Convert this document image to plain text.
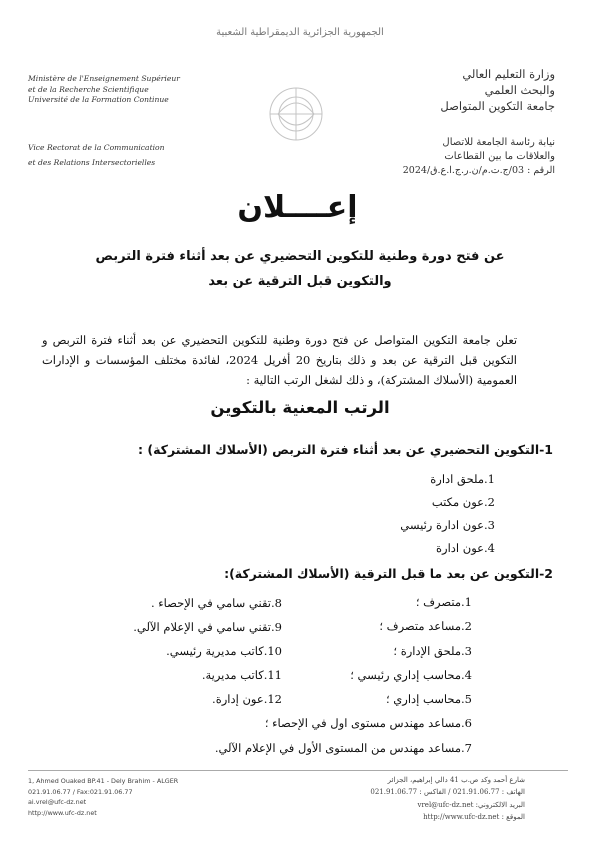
الجمهورية الجزائرية الديمقراطية الشعبية
Ministère de l'Enseignement Supérieur
et de la Recherche Scientifique
Université de la Formation Continue
Vice Rectorat de la Communication
et des Relations Intersectorielles
وزارة التعليم العالي
والبحث العلمي
جامعة التكوين المتواصل
نيابة رئاسة الجامعة للاتصال
والعلاقات ما بين القطاعات
الرقم : 03/ج.ت.م/ن.ر.ج.ا.ع.ق/2024
إعــــلان
عن فتح دورة وطنية للتكوين التحضيري عن بعد أثناء فترة التربص
والتكوين قبل الترقية عن بعد
تعلن جامعة التكوين المتواصل عن فتح دورة وطنية للتكوين التحضيري عن بعد أثناء فترة التربص و التكوين قبل الترقية عن بعد و ذلك بتاريخ 20 أفريل 2024، لفائدة مختلف المؤسسات و الإدارات العمومية (الأسلاك المشتركة)، و ذلك لشغل الرتب التالية :
الرتب المعنية بالتكوين
1-التكوين التحضيري عن بعد أثناء فترة التربص (الأسلاك المشتركة) :
1.ملحق ادارة
2.عون مكتب
3.عون ادارة رئيسي
4.عون ادارة
2-التكوين عن بعد ما قبل الترقية (الأسلاك المشتركة):
1.متصرف ؛
2.مساعد متصرف ؛
3.ملحق الإدارة ؛
4.محاسب إداري رئيسي ؛
5.محاسب إداري ؛
6.مساعد مهندس مستوى اول في الإحصاء ؛
7.مساعد مهندس من المستوى الأول في الإعلام الآلي.
8.تقني سامي في الإحصاء .
9.تقني سامي في الإعلام الآلي.
10.كاتب مديرية رئيسي.
11.كاتب مديرية.
12.عون إدارة.
1, Ahmed Ouaked BP.41 - Dely Brahim - ALGER
021.91.06.77 / Fax:021.91.06.77
ai.vrel@ufc-dz.net
http://www.ufc-dz.net
شارع أحمد وكد ص.ب 41 دالي إبراهيم، الجزائر
الهاتف : 021.91.06.77 / الفاكس : 021.91.06.77
البريد الالكتروني: vrel@ufc-dz.net
الموقع : http://www.ufc-dz.net
